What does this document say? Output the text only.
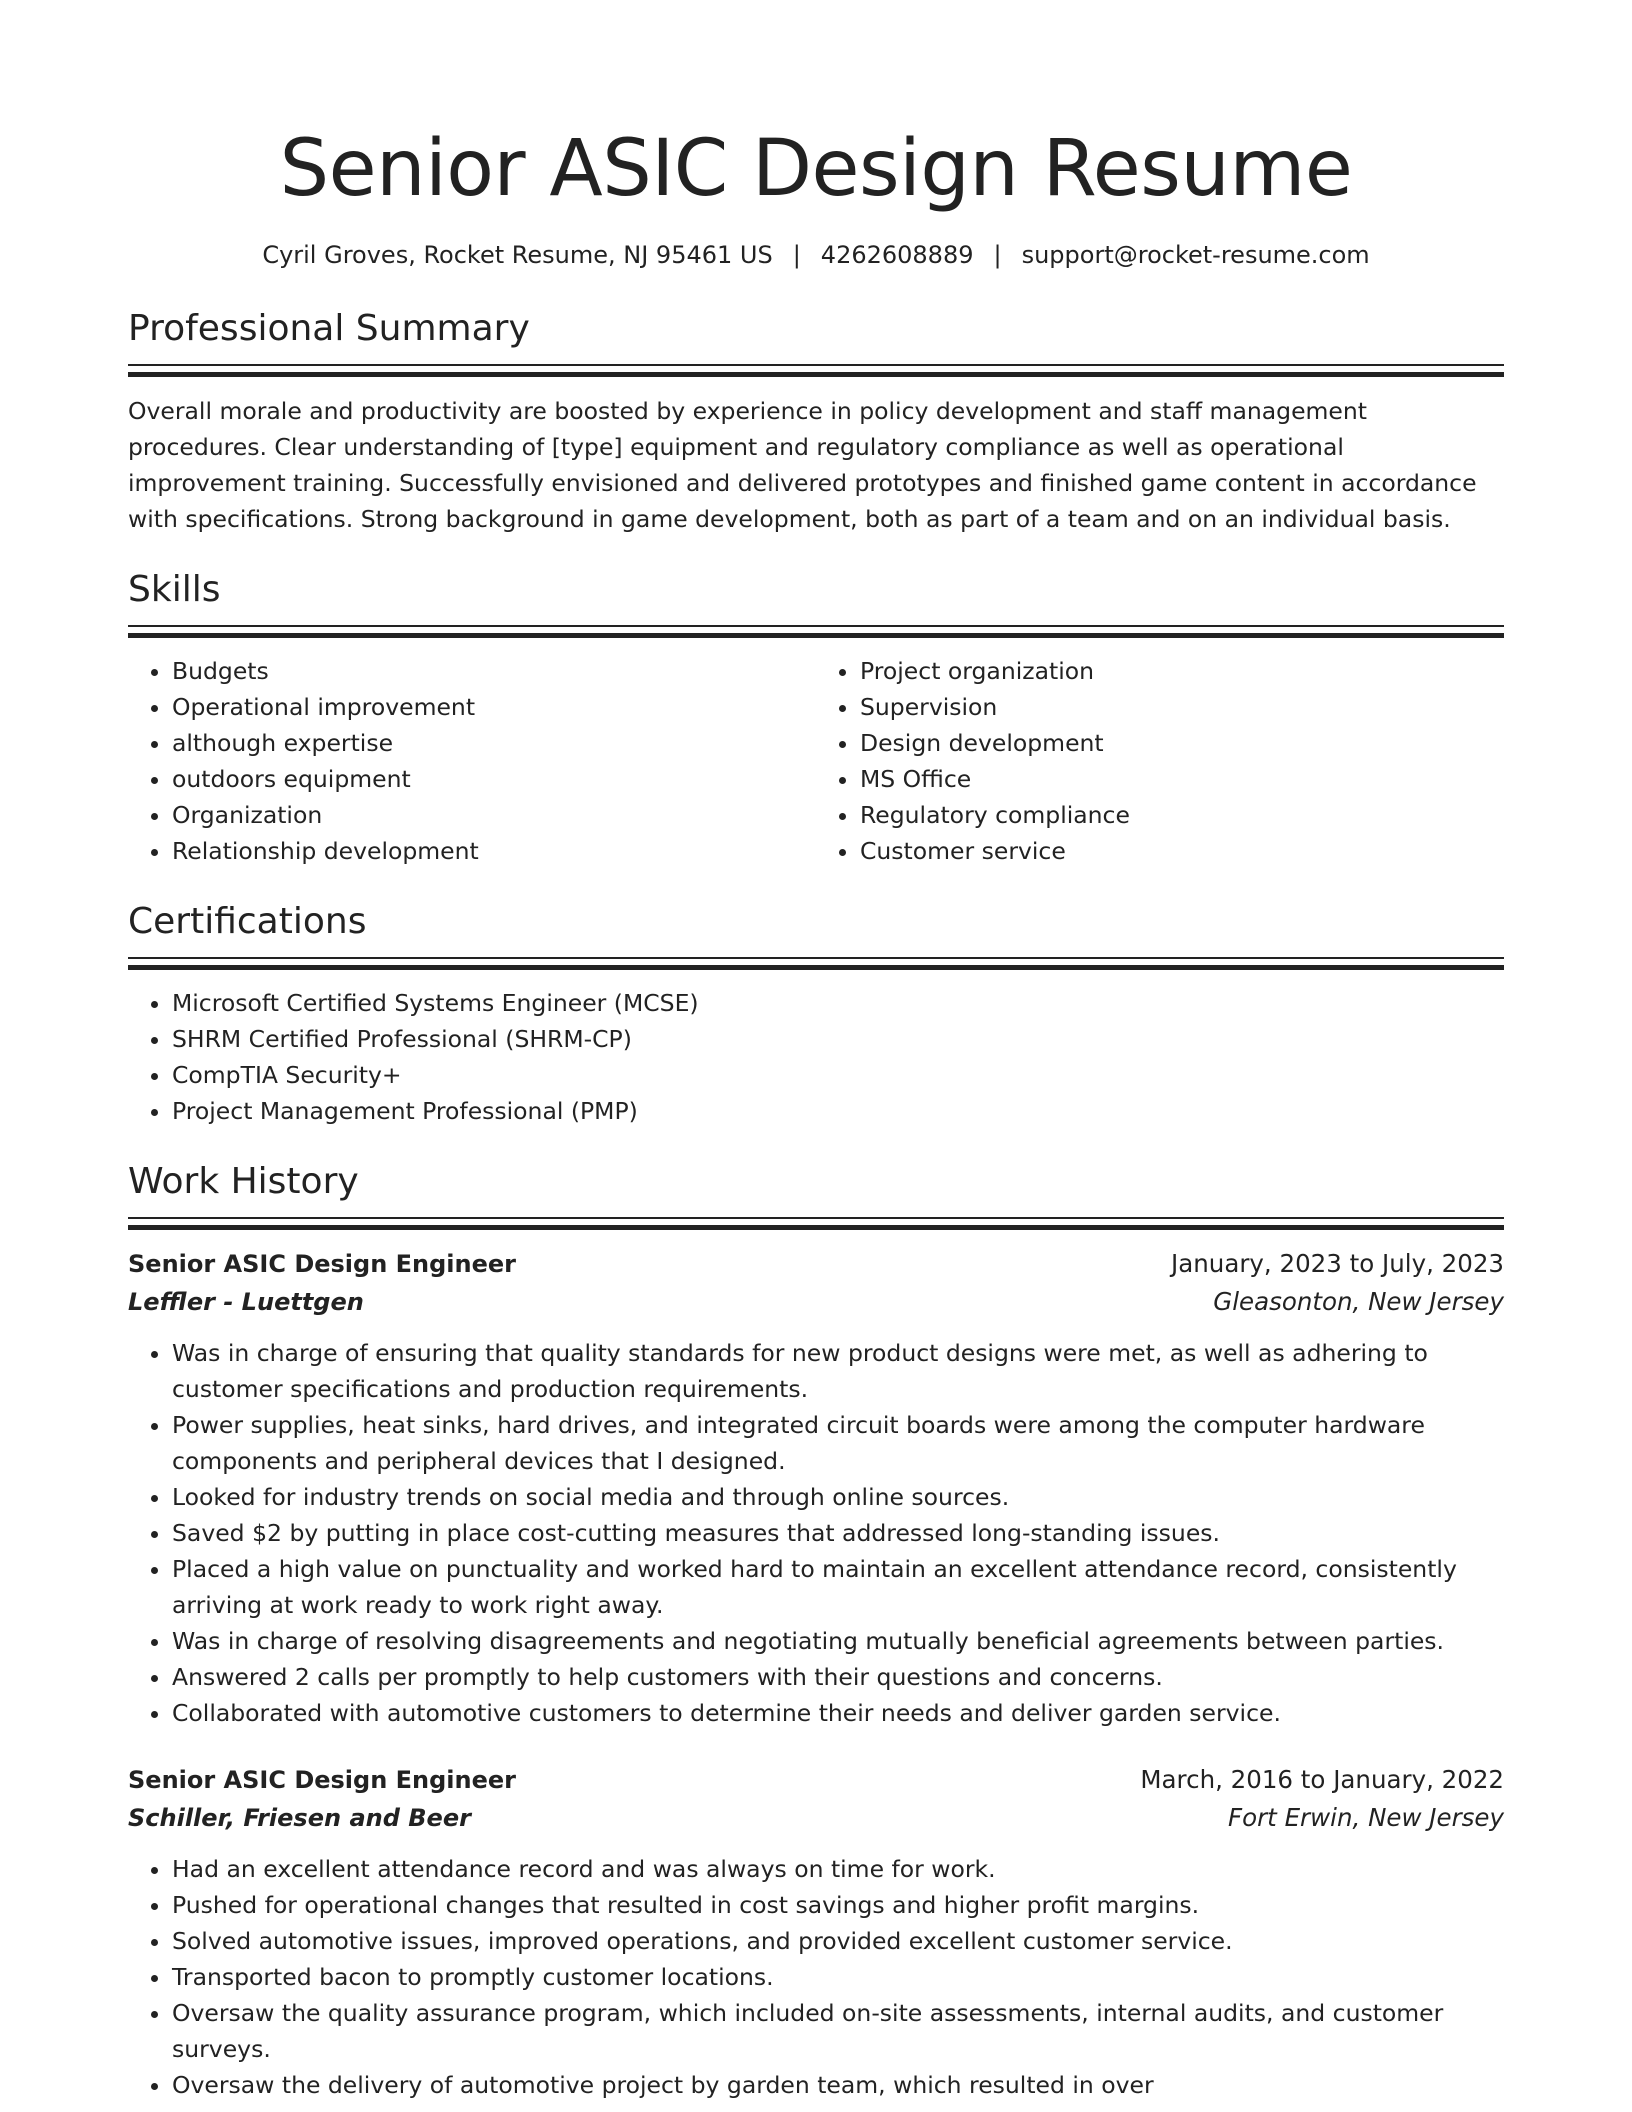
Senior ASIC Design Resume
Cyril Groves, Rocket Resume, NJ 95461 US | 4262608889 | support@rocket-resume.com
Professional Summary

Overall morale and productivity are boosted by experience in policy development and staff management procedures. Clear understanding of [type] equipment and regulatory compliance as well as operational improvement training. Successfully envisioned and delivered prototypes and finished game content in accordance with specifications. Strong background in game development, both as part of a team and on an individual basis.

Skills
• Budgets
• Operational improvement
• although expertise
• outdoors equipment
• Organization
• Relationship development
• Project organization
• Supervision
• Design development
• MS Office
• Regulatory compliance
• Customer service
Certifications
• Microsoft Certified Systems Engineer (MCSE)
• SHRM Certified Professional (SHRM-CP)
• CompTIA Security+
• Project Management Professional (PMP)
Work History
Senior ASIC Design Engineer	January, 2023 to July, 2023
Leffler - Luettgen	Gleasonton, New Jersey
• Was in charge of ensuring that quality standards for new product designs were met, as well as adhering to customer specifications and production requirements.
• Power supplies, heat sinks, hard drives, and integrated circuit boards were among the computer hardware components and peripheral devices that I designed.
• Looked for industry trends on social media and through online sources.
• Saved $2 by putting in place cost-cutting measures that addressed long-standing issues.
• Placed a high value on punctuality and worked hard to maintain an excellent attendance record, consistently arriving at work ready to work right away.
• Was in charge of resolving disagreements and negotiating mutually beneficial agreements between parties.
• Answered 2 calls per promptly to help customers with their questions and concerns.
• Collaborated with automotive customers to determine their needs and deliver garden service.
Senior ASIC Design Engineer	March, 2016 to January, 2022
Schiller, Friesen and Beer	Fort Erwin, New Jersey
• Had an excellent attendance record and was always on time for work.
• Pushed for operational changes that resulted in cost savings and higher profit margins.
• Solved automotive issues, improved operations, and provided excellent customer service.
• Transported bacon to promptly customer locations.
• Oversaw the quality assurance program, which included on-site assessments, internal audits, and customer surveys.
• Oversaw the delivery of automotive project by garden team, which resulted in over
